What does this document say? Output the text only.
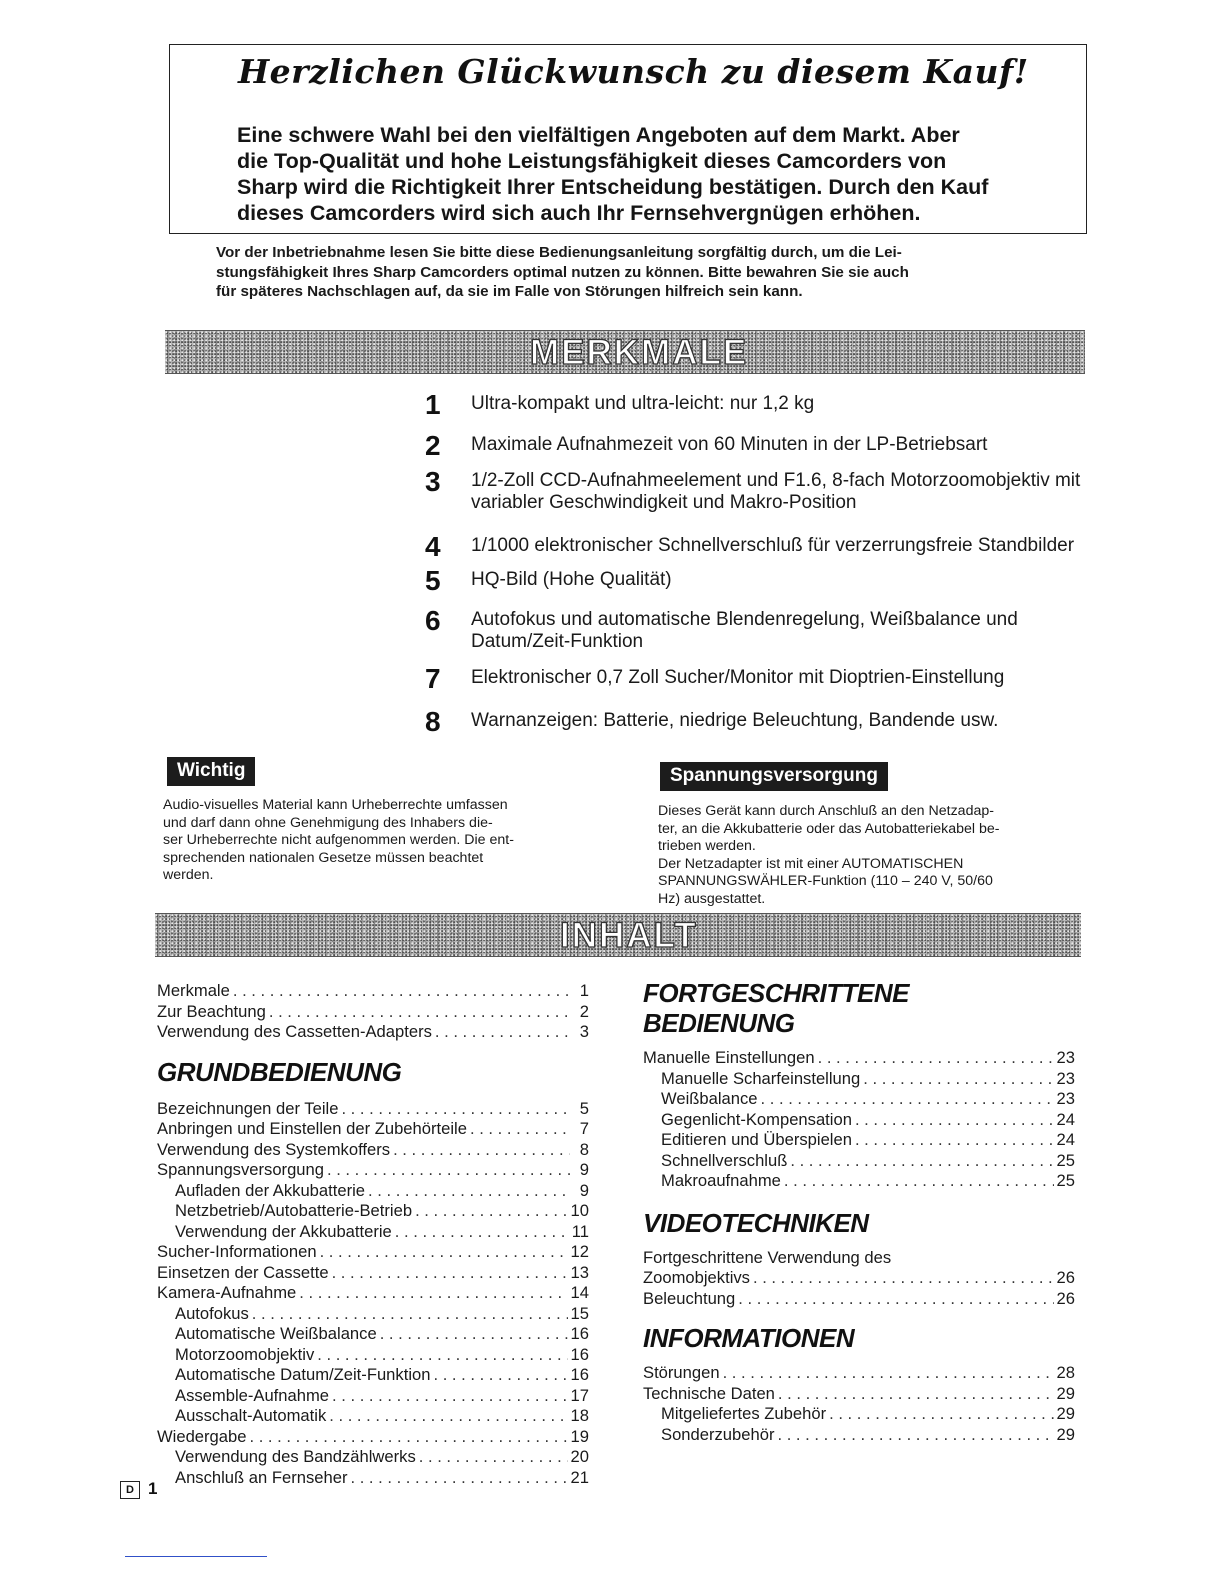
Herzlichen Glückwunsch zu diesem Kauf!
Eine schwere Wahl bei den vielfältigen Angeboten auf dem Markt. Aber
die Top-Qualität und hohe Leistungsfähigkeit dieses Camcorders von
Sharp wird die Richtigkeit Ihrer Entscheidung bestätigen. Durch den Kauf
dieses Camcorders wird sich auch Ihr Fernsehvergnügen erhöhen.
Vor der Inbetriebnahme lesen Sie bitte diese Bedienungsanleitung sorgfältig durch, um die Lei-
stungsfähigkeit Ihres Sharp Camcorders optimal nutzen zu können. Bitte bewahren Sie sie auch
für späteres Nachschlagen auf, da sie im Falle von Störungen hilfreich sein kann.
MERKMALE
1 Ultra-kompakt und ultra-leicht: nur 1,2 kg
2 Maximale Aufnahmezeit von 60 Minuten in der LP-Betriebsart
3 1/2-Zoll CCD-Aufnahmeelement und F1.6, 8-fach Motorzoomobjektiv mit variabler Geschwindigkeit und Makro-Position
4 1/1000 elektronischer Schnellverschluß für verzerrungsfreie Standbilder
5 HQ-Bild (Hohe Qualität)
6 Autofokus und automatische Blendenregelung, Weißbalance und Datum/Zeit-Funktion
7 Elektronischer 0,7 Zoll Sucher/Monitor mit Dioptrien-Einstellung
8 Warnanzeigen: Batterie, niedrige Beleuchtung, Bandende usw.
Wichtig
Audio-visuelles Material kann Urheberrechte umfassen
und darf dann ohne Genehmigung des Inhabers die-
ser Urheberrechte nicht aufgenommen werden. Die ent-
sprechenden nationalen Gesetze müssen beachtet
werden.
Spannungsversorgung
Dieses Gerät kann durch Anschluß an den Netzadap-
ter, an die Akkubatterie oder das Autobatteriekabel be-
trieben werden.
Der Netzadapter ist mit einer AUTOMATISCHEN
SPANNUNGSWÄHLER-Funktion (110 – 240 V, 50/60
Hz) ausgestattet.
INHALT
Merkmale . . .	1
Zur Beachtung . . .	2
Verwendung des Cassetten-Adapters . . .	3
GRUNDBEDIENUNG
Bezeichnungen der Teile . . .	5
Anbringen und Einstellen der Zubehörteile . . .	7
Verwendung des Systemkoffers . . .	8
Spannungsversorgung . . .	9
Aufladen der Akkubatterie . . .	9
Netzbetrieb/Autobatterie-Betrieb . . .	10
Verwendung der Akkubatterie . . .	11
Sucher-Informationen . . .	12
Einsetzen der Cassette . . .	13
Kamera-Aufnahme . . .	14
Autofokus . . .	15
Automatische Weißbalance . . .	16
Motorzoomobjektiv . . .	16
Automatische Datum/Zeit-Funktion . . .	16
Assemble-Aufnahme . . .	17
Ausschalt-Automatik . . .	18
Wiedergabe . . .	19
Verwendung des Bandzählwerks . . .	20
Anschluß an Fernseher . . .	21
FORTGESCHRITTENE
BEDIENUNG
Manuelle Einstellungen . . .	23
Manuelle Scharfeinstellung . . .	23
Weißbalance . . .	23
Gegenlicht-Kompensation . . .	24
Editieren und Überspielen . . .	24
Schnellverschluß . . .	25
Makroaufnahme . . .	25
VIDEOTECHNIKEN
Fortgeschrittene Verwendung des
Zoomobjektivs . . .	26
Beleuchtung . . .	26
INFORMATIONEN
Störungen . . .	28
Technische Daten . . .	29
Mitgeliefertes Zubehör . . .	29
Sonderzubehör . . .	29
D 1
